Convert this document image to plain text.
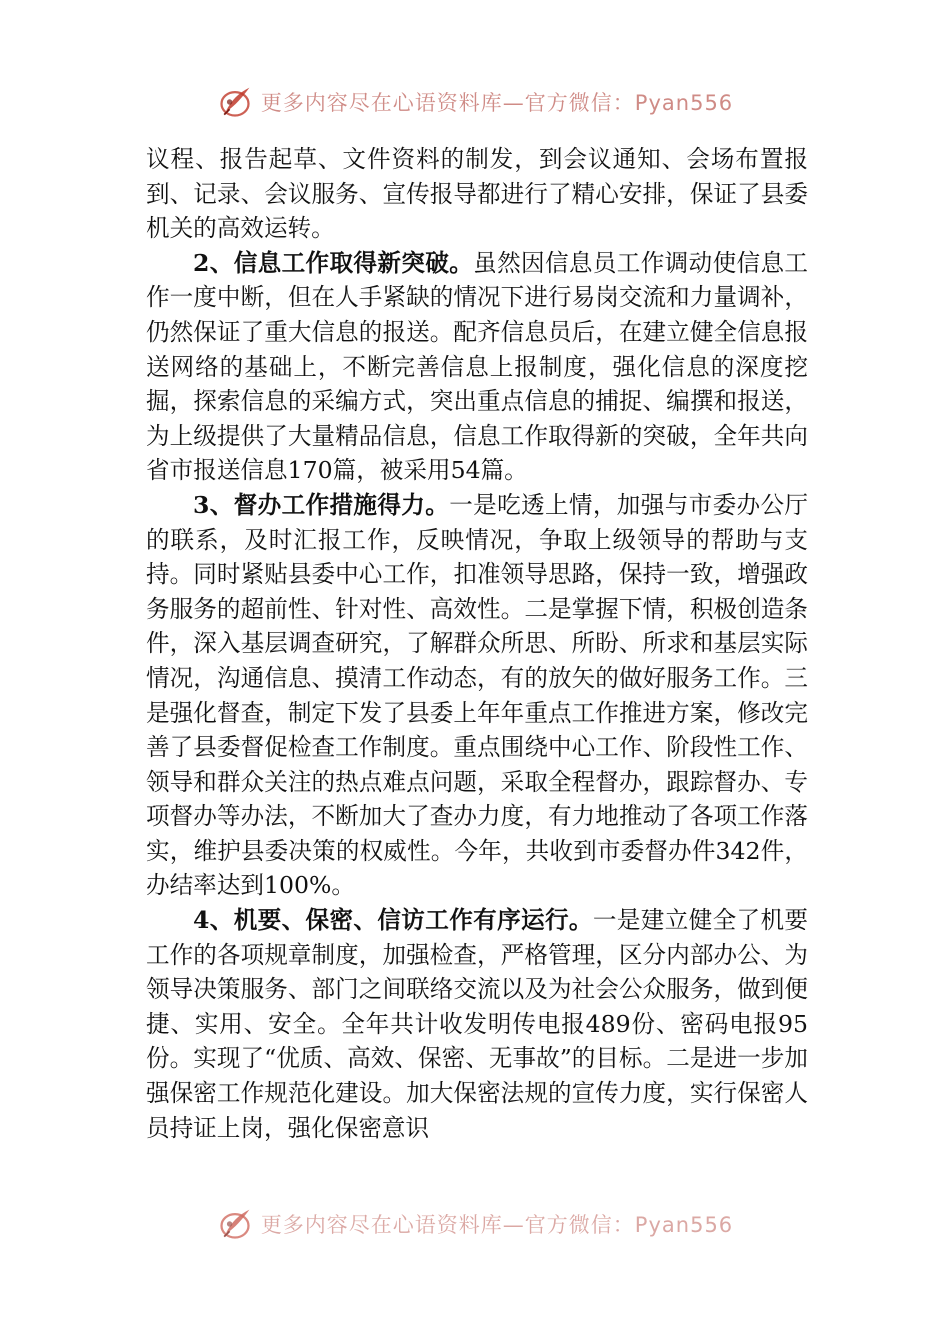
更多内容尽在心语资料库—官方微信：Pyan556

议程、报告起草、文件资料的制发，到会议通知、会场布置报到、记录、会议服务、宣传报导都进行了精心安排，保证了县委机关的高效运转。

2、信息工作取得新突破。虽然因信息员工作调动使信息工作一度中断，但在人手紧缺的情况下进行易岗交流和力量调补，仍然保证了重大信息的报送。配齐信息员后，在建立健全信息报送网络的基础上，不断完善信息上报制度，强化信息的深度挖掘，探索信息的采编方式，突出重点信息的捕捉、编撰和报送，为上级提供了大量精品信息，信息工作取得新的突破，全年共向省市报送信息170篇，被采用54篇。

3、督办工作措施得力。一是吃透上情，加强与市委办公厅的联系，及时汇报工作，反映情况，争取上级领导的帮助与支持。同时紧贴县委中心工作，扣准领导思路，保持一致，增强政务服务的超前性、针对性、高效性。二是掌握下情，积极创造条件，深入基层调查研究，了解群众所思、所盼、所求和基层实际情况，沟通信息、摸清工作动态，有的放矢的做好服务工作。三是强化督查，制定下发了县委上年年重点工作推进方案，修改完善了县委督促检查工作制度。重点围绕中心工作、阶段性工作、领导和群众关注的热点难点问题，采取全程督办，跟踪督办、专项督办等办法，不断加大了查办力度，有力地推动了各项工作落实，维护县委决策的权威性。今年，共收到市委督办件342件，办结率达到100%。

4、机要、保密、信访工作有序运行。一是建立健全了机要工作的各项规章制度，加强检查，严格管理，区分内部办公、为领导决策服务、部门之间联络交流以及为社会公众服务，做到便捷、实用、安全。全年共计收发明传电报489份、密码电报95份。实现了“优质、高效、保密、无事故”的目标。二是进一步加强保密工作规范化建设。加大保密法规的宣传力度，实行保密人员持证上岗，强化保密意识

更多内容尽在心语资料库—官方微信：Pyan556
